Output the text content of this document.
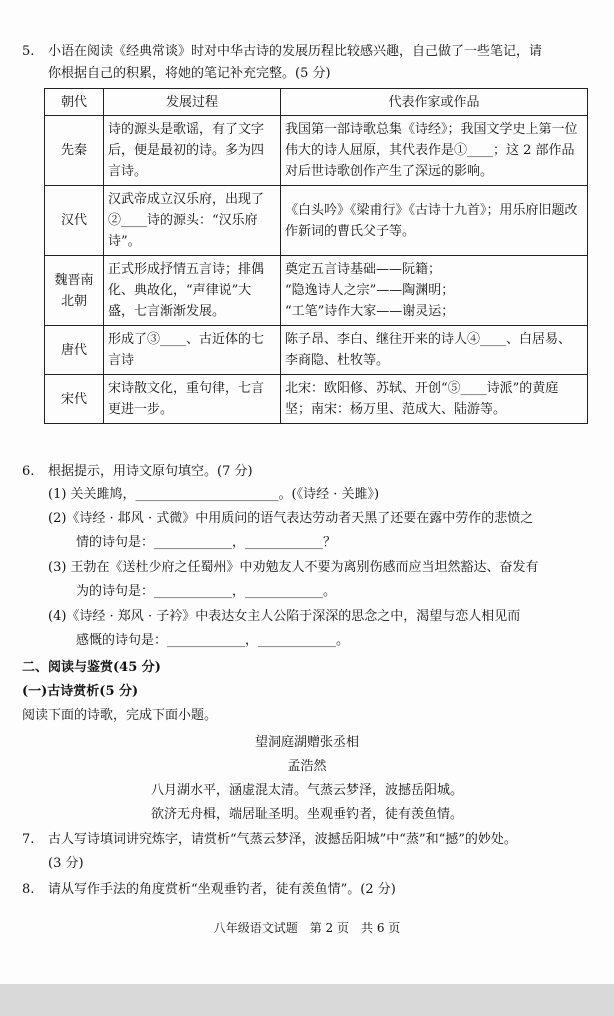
5. 小语在阅读《经典常谈》时对中华古诗的发展历程比较感兴趣，自己做了一些笔记，请
你根据自己的积累，将她的笔记补充完整。(5 分)
朝代	发展过程	代表作家或作品
先秦	诗的源头是歌谣，有了文字后，便是最初的诗。多为四言诗。	我国第一部诗歌总集《诗经》；我国文学史上第一位伟大的诗人屈原，其代表作是①____；这 2 部作品对后世诗歌创作产生了深远的影响。
汉代	汉武帝成立汉乐府，出现了②____诗的源头：“汉乐府诗”。	《白头吟》《梁甫行》《古诗十九首》；用乐府旧题改作新词的曹氏父子等。
魏晋南北朝	正式形成抒情五言诗；排偶化、典故化，“声律说”大盛，七言渐渐发展。	奠定五言诗基础——阮籍；
“隐逸诗人之宗”——陶渊明；
“工笔”诗作大家——谢灵运；

唐代	形成了③____、古近体的七言诗	陈子昂、李白、继往开来的诗人④____、白居易、李商隐、杜牧等。
宋代	宋诗散文化，重句律，七言更进一步。	北宋：欧阳修、苏轼、开创“⑤____诗派”的黄庭坚；南宋：杨万里、范成大、陆游等。
6. 根据提示，用诗文原句填空。(7 分)
(1) 关关雎鸠，______________________。(《诗经 · 关雎》)
(2)《诗经 · 邶风 · 式微》中用质问的语气表达劳动者天黑了还要在露中劳作的悲愤之
情的诗句是：____________，____________？
(3) 王勃在《送杜少府之任蜀州》中劝勉友人不要为离别伤感而应当坦然豁达、奋发有
为的诗句是：____________，____________。
(4)《诗经 · 郑风 · 子衿》中表达女主人公陷于深深的思念之中，渴望与恋人相见而
感慨的诗句是：____________，____________。
二、阅读与鉴赏(45 分)
(一)古诗赏析(5 分)
阅读下面的诗歌，完成下面小题。
望洞庭湖赠张丞相
孟浩然
八月湖水平，涵虚混太清。气蒸云梦泽，波撼岳阳城。
欲济无舟楫，端居耻圣明。坐观垂钓者，徒有羡鱼情。
7. 古人写诗填词讲究炼字，请赏析“气蒸云梦泽，波撼岳阳城”中“蒸”和“撼”的妙处。
(3 分)
8. 请从写作手法的角度赏析“坐观垂钓者，徒有羡鱼情”。(2 分)
八年级语文试题　第 2 页　共 6 页
